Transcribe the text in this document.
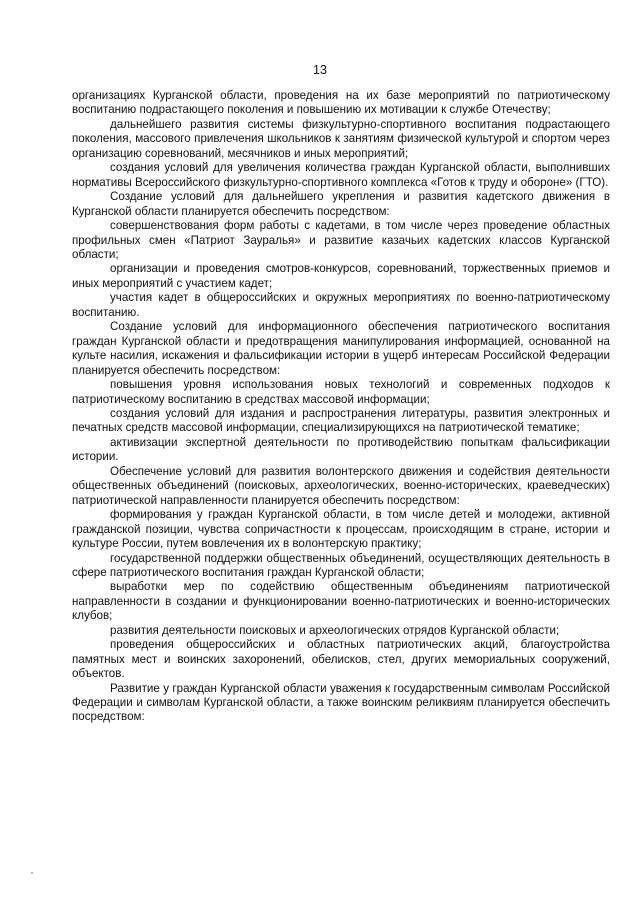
13

организациях Курганской области, проведения на их базе мероприятий по патриотическому воспитанию подрастающего поколения и повышению их мотивации к службе Отечеству;

дальнейшего развития системы физкультурно-спортивного воспитания подрастающего поколения, массового привлечения школьников к занятиям физической культурой и спортом через организацию соревнований, месячников и иных мероприятий;

создания условий для увеличения количества граждан Курганской области, выполнивших нормативы Всероссийского физкультурно-спортивного комплекса «Готов к труду и обороне» (ГТО).

Создание условий для дальнейшего укрепления и развития кадетского движения в Курганской области планируется обеспечить посредством:

совершенствования форм работы с кадетами, в том числе через проведение областных профильных смен «Патриот Зауралья» и развитие казачьих кадетских классов Курганской области;

организации и проведения смотров-конкурсов, соревнований, торжественных приемов и иных мероприятий с участием кадет;

участия кадет в общероссийских и окружных мероприятиях по военно-патриотическому воспитанию.

Создание условий для информационного обеспечения патриотического воспитания граждан Курганской области и предотвращения манипулирования информацией, основанной на культе насилия, искажения и фальсификации истории в ущерб интересам Российской Федерации планируется обеспечить посредством:

повышения уровня использования новых технологий и современных подходов к патриотическому воспитанию в средствах массовой информации;

создания условий для издания и распространения литературы, развития электронных и печатных средств массовой информации, специализирующихся на патриотической тематике;

активизации экспертной деятельности по противодействию попыткам фальсификации истории.

Обеспечение условий для развития волонтерского движения и содействия деятельности общественных объединений (поисковых, археологических, военно-исторических, краеведческих) патриотической направленности планируется обеспечить посредством:

формирования у граждан Курганской области, в том числе детей и молодежи, активной гражданской позиции, чувства сопричастности к процессам, происходящим в стране, истории и культуре России, путем вовлечения их в волонтерскую практику;

государственной поддержки общественных объединений, осуществляющих деятельность в сфере патриотического воспитания граждан Курганской области;

выработки мер по содействию общественным объединениям патриотической направленности в создании и функционировании военно-патриотических и военно-исторических клубов;

развития деятельности поисковых и археологических отрядов Курганской области;

проведения общероссийских и областных патриотических акций, благоустройства памятных мест и воинских захоронений, обелисков, стел, других мемориальных сооружений, объектов.

Развитие у граждан Курганской области уважения к государственным символам Российской Федерации и символам Курганской области, а также воинским реликвиям планируется обеспечить посредством:
